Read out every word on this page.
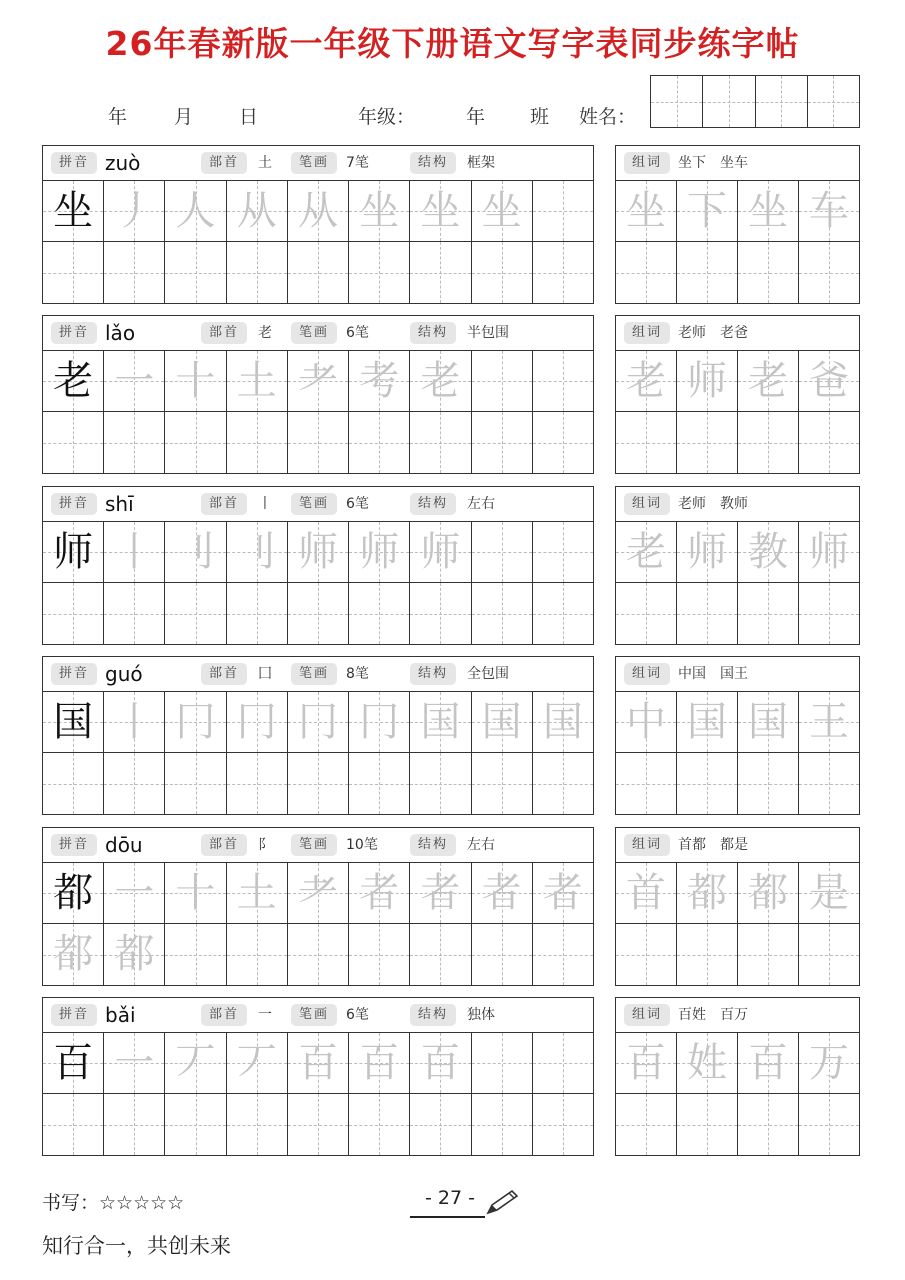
26年春新版一年级下册语文写字表同步练字帖
年 月 日	年级：	年 班 姓名：
拼音 zuò	部首	土	笔画	7笔	结构	框架
坐 丿 人 从 从 坐 坐 坐
组词	坐下　坐车
坐 下 坐 车
拼音 lǎo	部首	老	笔画	6笔	结构	半包围
老 一 十 土 耂 考 老
组词	老师　老爸
老 师 老 爸
拼音 shī	部首	丨	笔画	6笔	结构	左右
师 丨 刂 刂 师 师 师
组词	老师　教师
老 师 教 师
拼音 guó	部首	囗	笔画	8笔	结构	全包围
国 丨 冂 冂 冂 冂 国 国 国
组词	中国　国王
中 国 国 王
拼音 dōu	部首	阝	笔画	10笔	结构	左右
都 一 十 土 耂 者 者 者 者
都 都
组词	首都　都是
首 都 都 是
拼音 bǎi	部首	一	笔画	6笔	结构	独体
百 一 丆 丆 百 百 百
组词	百姓　百万
百 姓 百 万
书写：☆☆☆☆☆	- 27 -
知行合一，共创未来
